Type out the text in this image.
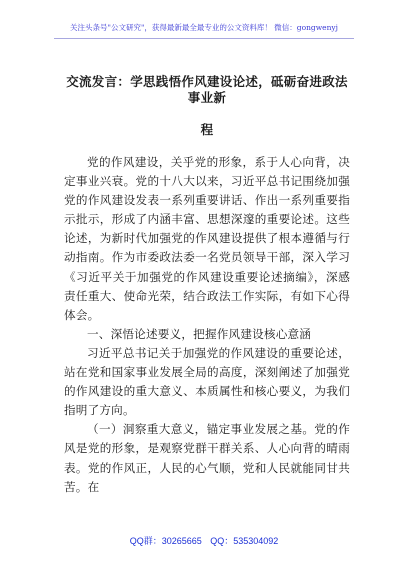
关注头条号"公文研究"，获得最新最全最专业的公文资料库！ 微信：gongwenyj
交流发言：学思践悟作风建设论述，砥砺奋进政法事业新
程

党的作风建设，关乎党的形象，系于人心向背，决定事业兴衰。党的十八大以来，习近平总书记围绕加强党的作风建设发表一系列重要讲话、作出一系列重要指示批示，形成了内涵丰富、思想深邃的重要论述。这些论述，为新时代加强党的作风建设提供了根本遵循与行动指南。作为市委政法委一名党员领导干部，深入学习《习近平关于加强党的作风建设重要论述摘编》，深感责任重大、使命光荣，结合政法工作实际，有如下心得体会。

一、深悟论述要义，把握作风建设核心意涵

习近平总书记关于加强党的作风建设的重要论述，站在党和国家事业发展全局的高度，深刻阐述了加强党的作风建设的重大意义、本质属性和核心要义，为我们指明了方向。

（一）洞察重大意义，锚定事业发展之基。党的作风是党的形象，是观察党群干群关系、人心向背的晴雨表。党的作风正，人民的心气顺，党和人民就能同甘共苦。在

QQ群：30265665 QQ：535304092
